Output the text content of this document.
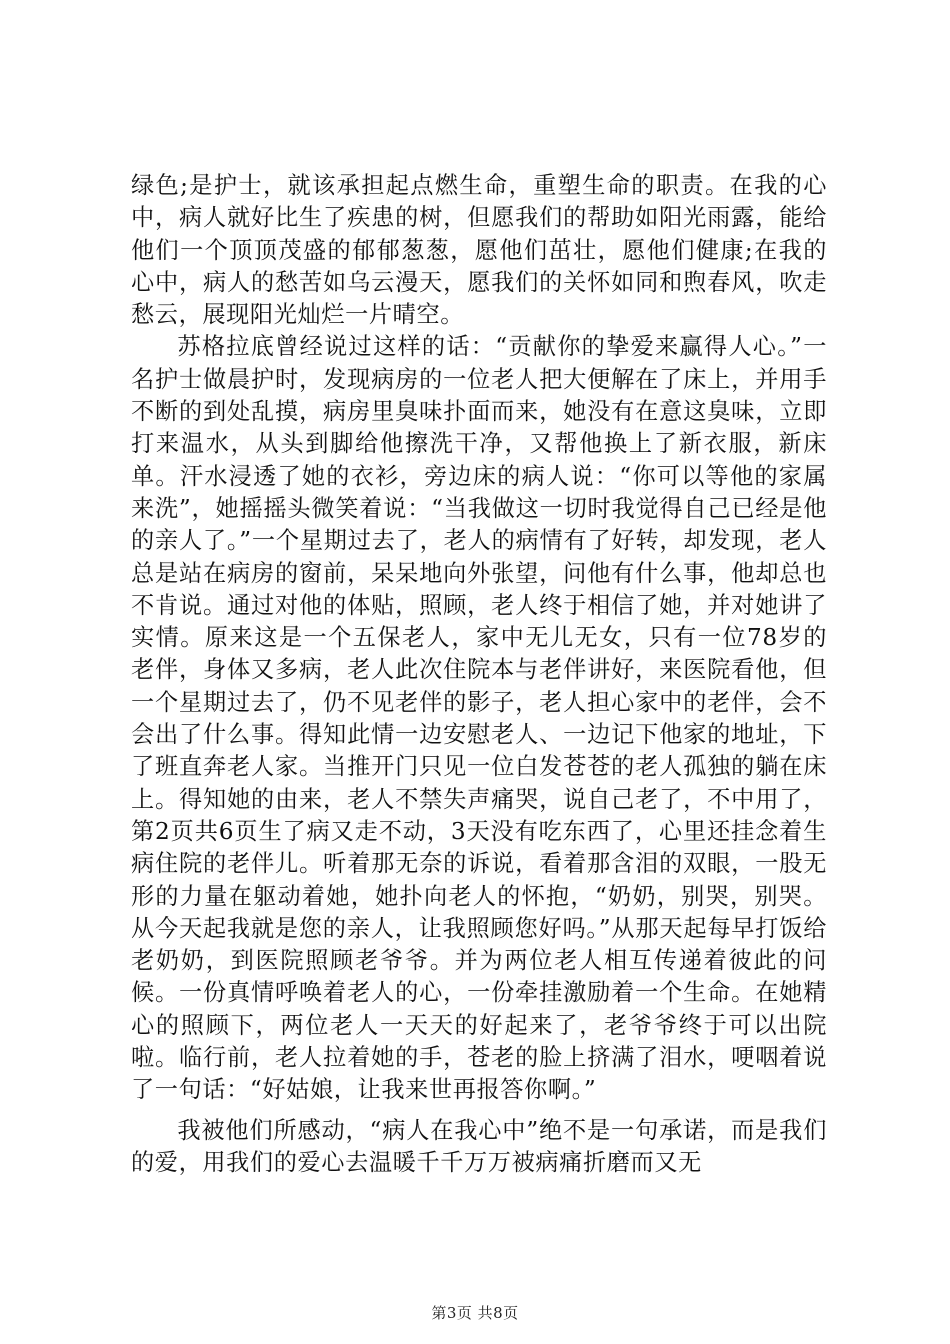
绿色;是护士，就该承担起点燃生命，重塑生命的职责。在我的心中，病人就好比生了疾患的树，但愿我们的帮助如阳光雨露，能给他们一个顶顶茂盛的郁郁葱葱，愿他们茁壮，愿他们健康;在我的心中，病人的愁苦如乌云漫天，愿我们的关怀如同和煦春风，吹走愁云，展现阳光灿烂一片晴空。

苏格拉底曾经说过这样的话：“贡献你的挚爱来赢得人心。”一名护士做晨护时，发现病房的一位老人把大便解在了床上，并用手不断的到处乱摸，病房里臭味扑面而来，她没有在意这臭味，立即打来温水，从头到脚给他擦洗干净，又帮他换上了新衣服，新床单。汗水浸透了她的衣衫，旁边床的病人说：“你可以等他的家属来洗”，她摇摇头微笑着说：“当我做这一切时我觉得自己已经是他的亲人了。”一个星期过去了，老人的病情有了好转，却发现，老人总是站在病房的窗前，呆呆地向外张望，问他有什么事，他却总也不肯说。通过对他的体贴，照顾，老人终于相信了她，并对她讲了实情。原来这是一个五保老人，家中无儿无女，只有一位78岁的老伴，身体又多病，老人此次住院本与老伴讲好，来医院看他，但一个星期过去了，仍不见老伴的影子，老人担心家中的老伴，会不会出了什么事。得知此情一边安慰老人、一边记下他家的地址，下了班直奔老人家。当推开门只见一位白发苍苍的老人孤独的躺在床上。得知她的由来，老人不禁失声痛哭，说自己老了，不中用了，第2页共6页生了病又走不动，3天没有吃东西了，心里还挂念着生病住院的老伴儿。听着那无奈的诉说，看着那含泪的双眼，一股无形的力量在躯动着她，她扑向老人的怀抱，“奶奶，别哭，别哭。从今天起我就是您的亲人，让我照顾您好吗。”从那天起每早打饭给老奶奶，到医院照顾老爷爷。并为两位老人相互传递着彼此的问候。一份真情呼唤着老人的心，一份牵挂激励着一个生命。在她精心的照顾下，两位老人一天天的好起来了，老爷爷终于可以出院啦。临行前，老人拉着她的手，苍老的脸上挤满了泪水，哽咽着说了一句话：“好姑娘，让我来世再报答你啊。”

我被他们所感动，“病人在我心中”绝不是一句承诺，而是我们的爱，用我们的爱心去温暖千千万万被病痛折磨而又无

第3页 共8页
